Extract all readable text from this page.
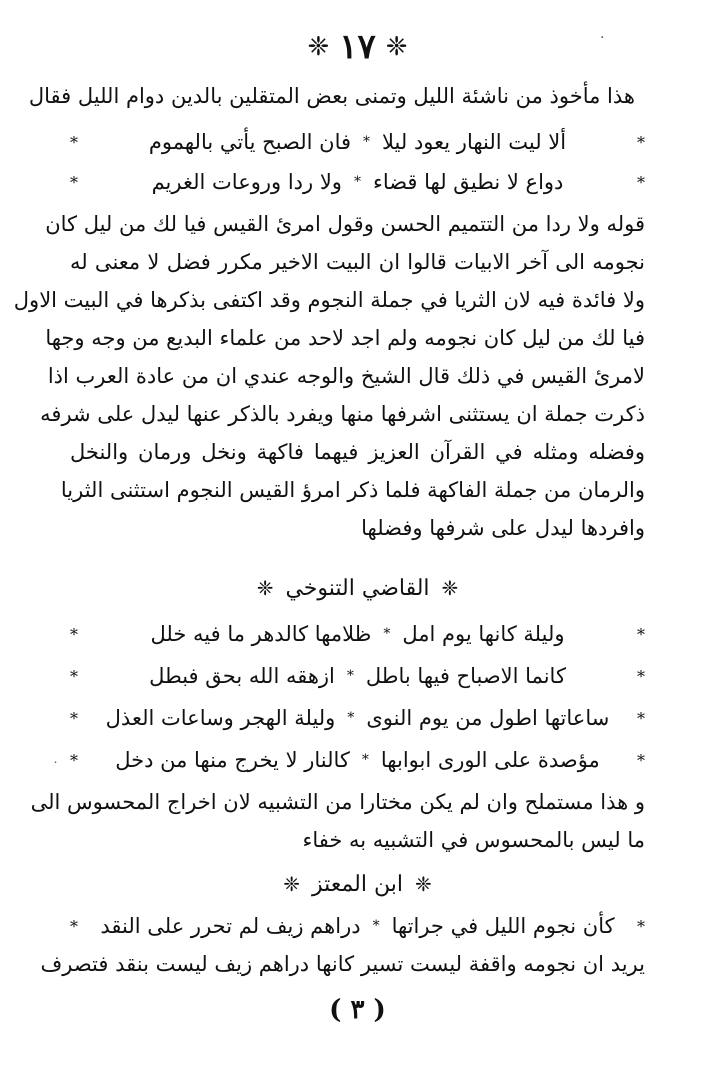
❈ ١٧ ❈
هذا مأخوذ من ناشئة الليل وتمنى بعض المتقلين بالدين دوام الليل فقال
*
ألا ليت النهار يعود ليلا
*
فان الصبح يأتي بالهموم
*
*
دواع لا نطيق لها قضاء
*
ولا ردا وروعات الغريم
*
قوله ولا ردا من التتميم الحسن وقول امرئ القيس فيا لك من ليل كان
نجومه الى آخر الابيات قالوا ان البيت الاخير مكرر فضل لا معنى له
ولا فائدة فيه لان الثريا في جملة النجوم وقد اكتفى بذكرها في البيت الاول
فيا لك من ليل كان نجومه ولم اجد لاحد من علماء البديع من وجه وجها
لامرئ القيس في ذلك قال الشيخ والوجه عندي ان من عادة العرب اذا
ذكرت جملة ان يستثنى اشرفها منها ويفرد بالذكر عنها ليدل على شرفه
وفضله ومثله في القرآن العزيز فيهما فاكهة ونخل ورمان والنخل
والرمان من جملة الفاكهة فلما ذكر امرؤ القيس النجوم استثنى الثريا
وافردها ليدل على شرفها وفضلها
❈
القاضي التنوخي
❈
*
وليلة كانها يوم امل
*
ظلامها كالدهر ما فيه خلل
*
*
كانما الاصباح فيها باطل
*
ازهقه الله بحق فبطل
*
*
ساعاتها اطول من يوم النوى
*
وليلة الهجر وساعات العذل
*
*
مؤصدة على الورى ابوابها
*
كالنار لا يخرج منها من دخل
*
و هذا مستملح وان لم يكن مختارا من التشبيه لان اخراج المحسوس الى
ما ليس بالمحسوس في التشبيه به خفاء
❈
ابن المعتز
❈
*
كأن نجوم الليل في جراتها
*
دراهم زيف لم تحرر على النقد
*
يريد ان نجومه واقفة ليست تسير كانها دراهم زيف ليست بنقد فتصرف
( ٣ )
·
˙
